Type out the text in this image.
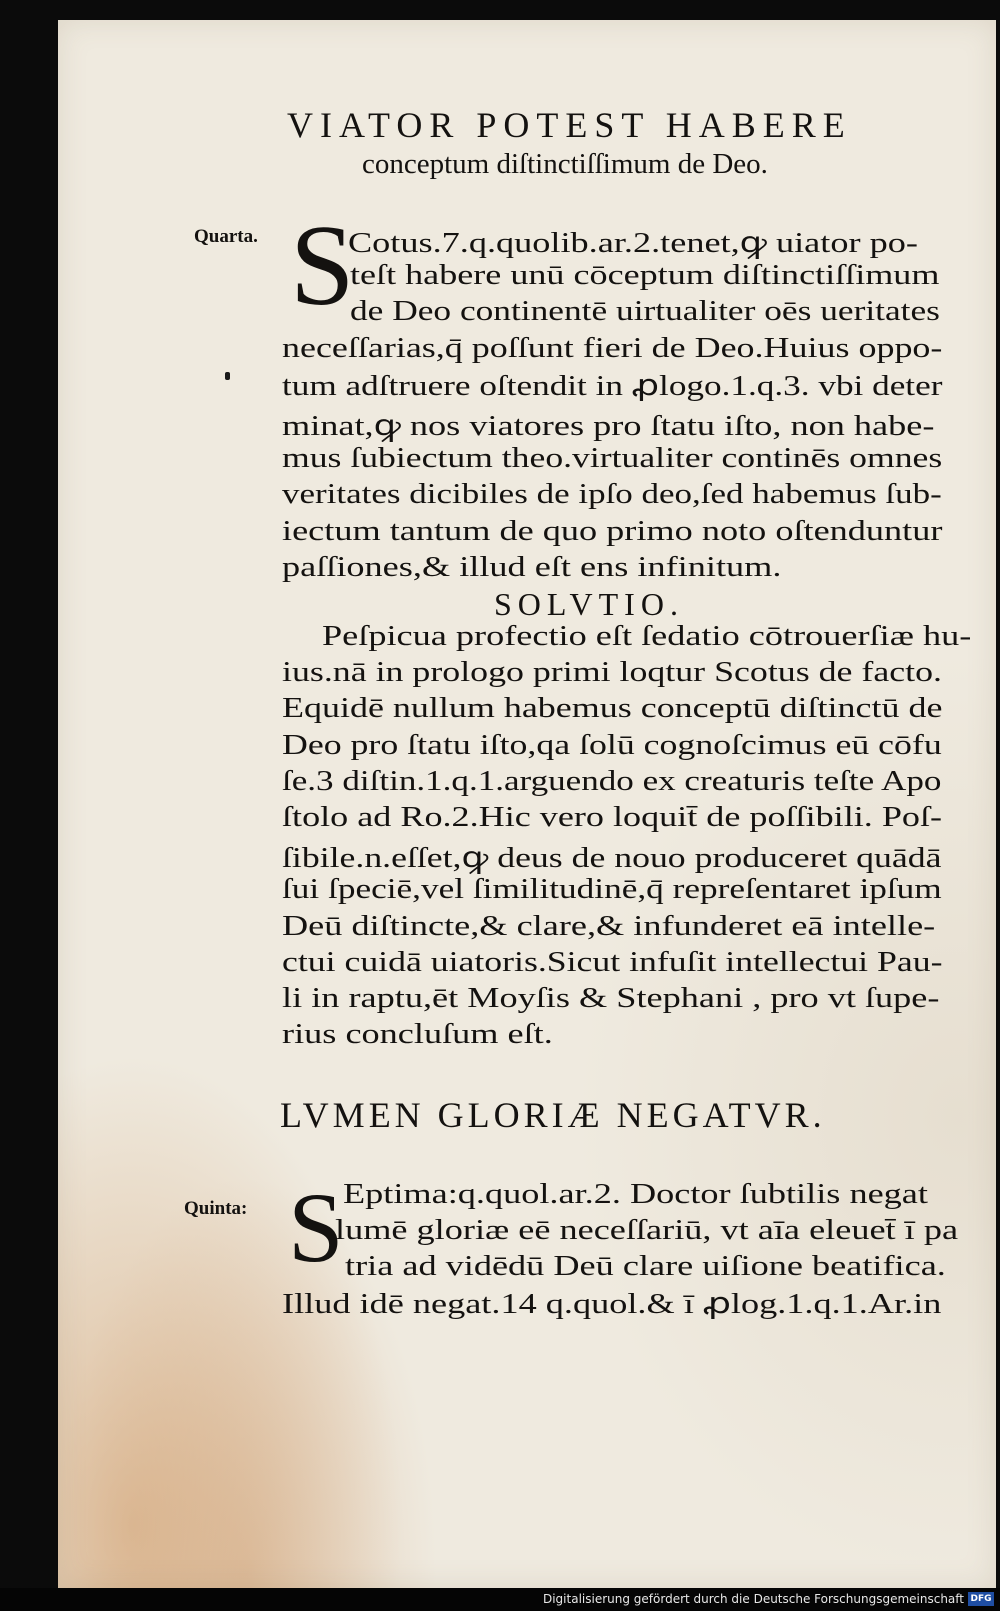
VIATOR POTEST HABERE
conceptum diſtinctiſſimum de Deo.
Quarta. S
Cotus.7.q.quolib.ar.2.tenet,ꝙ uiator po-
teſt habere unū cōceptum diſtinctiſſimum
de Deo continentē uirtualiter oēs ueritates
neceſſarias,q̄ poſſunt fieri de Deo.Huius oppo-
tum adſtruere oſtendit in ꝓlogo.1.q.3. vbi deter
minat,ꝙ nos viatores pro ſtatu iſto, non habe-
mus ſubiectum theo.virtualiter continēs omnes
veritates dicibiles de ipſo deo,ſed habemus ſub-
iectum tantum de quo primo noto oſtenduntur
paſſiones,& illud eſt ens infinitum.
SOLVTIO.
Peſpicua profectio eſt ſedatio cōtrouerſiæ hu-
ius.nā in prologo primi loqtur Scotus de facto.
Equidē nullum habemus conceptū diſtinctū de
Deo pro ſtatu iſto,qa ſolū cognoſcimus eū cōfu
ſe.3 diſtin.1.q.1.arguendo ex creaturis teſte Apo
ſtolo ad Ro.2.Hic vero loquit̄ de poſſibili. Poſ-
ſibile.n.eſſet,ꝙ deus de nouo produceret quādā
ſui ſpeciē,vel ſimilitudinē,q̄ repreſentaret ipſum
Deū diſtincte,& clare,& infunderet eā intelle-
ctui cuidā uiatoris.Sicut infuſit intellectui Pau-
li in raptu,ēt Moyſis & Stephani , pro vt ſupe-
rius concluſum eſt.
LVMEN GLORIÆ NEGATVR.
Quinta: S Eptima:q.quol.ar.2. Doctor ſubtilis negat
lumē gloriæ eē neceſſariū, vt aīa eleuet̄ ī pa
tria ad vidēdū Deū clare uiſione beatifica.
Illud idē negat.14 q.quol.& ī ꝓlog.1.q.1.Ar.in
Digitalisierung gefördert durch die Deutsche Forschungsgemeinschaft DFG
